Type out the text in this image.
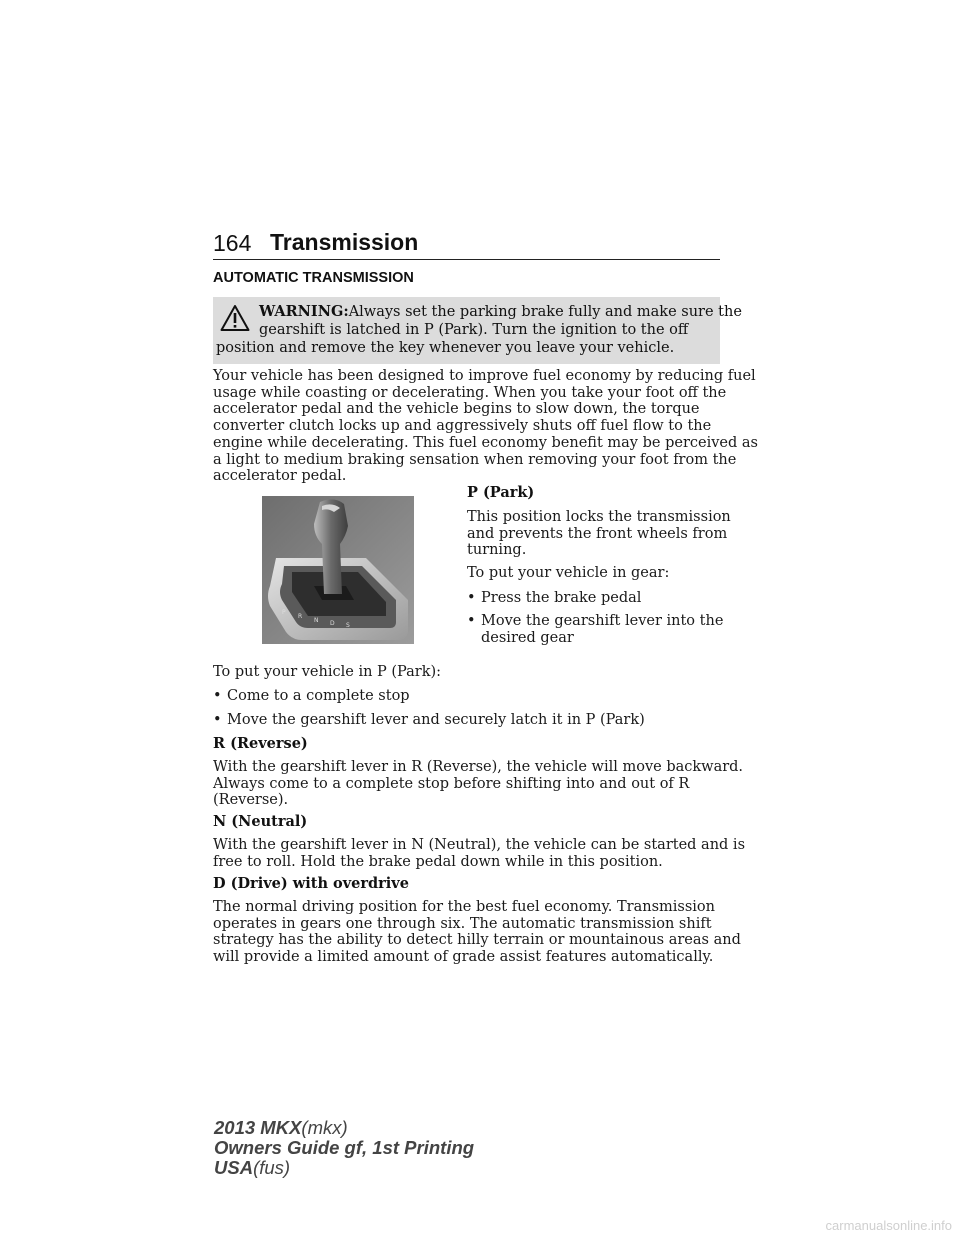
164 Transmission
AUTOMATIC TRANSMISSION
WARNING:Always set the parking brake fully and make sure the
gearshift is latched in P (Park). Turn the ignition to the off
position and remove the key whenever you leave your vehicle.
Your vehicle has been designed to improve fuel economy by reducing fuel
usage while coasting or decelerating. When you take your foot off the
accelerator pedal and the vehicle begins to slow down, the torque
converter clutch locks up and aggressively shuts off fuel flow to the
engine while decelerating. This fuel economy benefit may be perceived as
a light to medium braking sensation when removing your foot from the
accelerator pedal.
P
R
N D S
P (Park)
This position locks the transmission
and prevents the front wheels from
turning.
To put your vehicle in gear:
• Press the brake pedal
• Move the gearshift lever into the
desired gear
To put your vehicle in P (Park):
• Come to a complete stop
• Move the gearshift lever and securely latch it in P (Park)
R (Reverse)
With the gearshift lever in R (Reverse), the vehicle will move backward.
Always come to a complete stop before shifting into and out of R
(Reverse).
N (Neutral)
With the gearshift lever in N (Neutral), the vehicle can be started and is
free to roll. Hold the brake pedal down while in this position.
D (Drive) with overdrive
The normal driving position for the best fuel economy. Transmission
operates in gears one through six. The automatic transmission shift
strategy has the ability to detect hilly terrain or mountainous areas and
will provide a limited amount of grade assist features automatically.
2013 MKX(mkx)
Owners Guide gf, 1st Printing
USA(fus)
carmanualsonline.info
